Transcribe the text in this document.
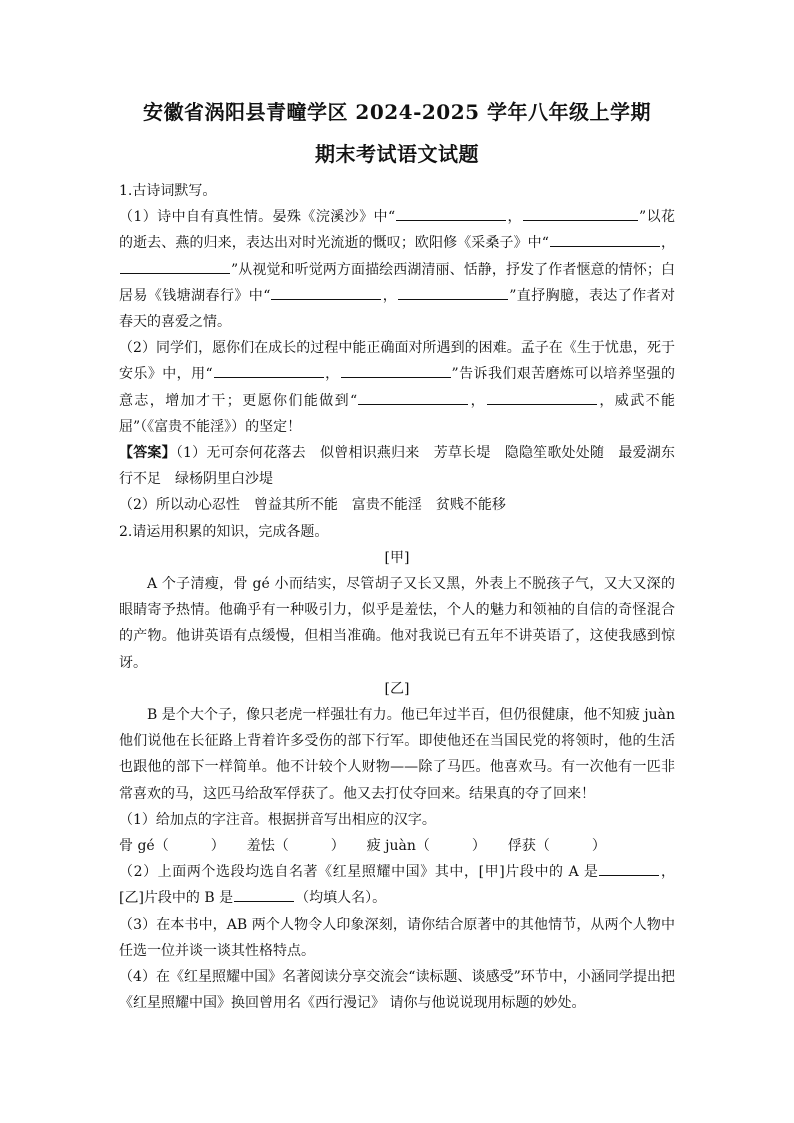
安徽省涡阳县青疃学区 2024-2025 学年八年级上学期
期末考试语文试题

1.古诗词默写。

（1）诗中自有真性情。晏殊《浣溪沙》中“	，	”以花的逝去、燕的归来，表达出对时光流逝的慨叹；欧阳修《采桑子》中“	，”从视觉和听觉两方面描绘西湖清丽、恬静，抒发了作者惬意的情怀；白居易《钱塘湖春行》中“	，	”直抒胸臆，表达了作者对春天的喜爱之情。

（2）同学们，愿你们在成长的过程中能正确面对所遇到的困难。孟子在《生于忧患，死于安乐》中，用“	，	”告诉我们艰苦磨炼可以培养坚强的意志，增加才干；更愿你们能做到“	，	，威武不能屈”（《富贵不能淫》）的坚定！

【答案】（1）无可奈何花落去　似曾相识燕归来　芳草长堤　隐隐笙歌处处随　最爱湖东行不足　绿杨阴里白沙堤

（2）所以动心忍性　曾益其所不能　富贵不能淫　贫贱不能移

2.请运用积累的知识，完成各题。

[甲]

A 个子清瘦，骨 gé 小而结实，尽管胡子又长又黑，外表上不脱孩子气，又大又深的眼睛寄予热情。他确乎有一种吸引力，似乎是羞怯，个人的魅力和领袖的自信的奇怪混合的产物。他讲英语有点缓慢，但相当准确。他对我说已有五年不讲英语了，这使我感到惊讶。

[乙]

B 是个大个子，像只老虎一样强壮有力。他已年过半百，但仍很健康，他不知疲 juàn 他们说他在长征路上背着许多受伤的部下行军。即使他还在当国民党的将领时，他的生活也跟他的部下一样简单。他不计较个人财物——除了马匹。他喜欢马。有一次他有一匹非常喜欢的马，这匹马给敌军俘获了。他又去打仗夺回来。结果真的夺了回来！

（1）给加点的字注音。根据拼音写出相应的汉字。

骨 gé（　　　） 羞怯（　　　） 疲 juàn（　　　） 俘获（　　　）

（2）上面两个选段均选自名著《红星照耀中国》其中，[甲]片段中的 A 是	，[乙]片段中的 B 是	（均填人名）。

（3）在本书中，AB 两个人物令人印象深刻，请你结合原著中的其他情节，从两个人物中任选一位并谈一谈其性格特点。

（4）在《红星照耀中国》名著阅读分享交流会“读标题、谈感受”环节中，小涵同学提出把《红星照耀中国》换回曾用名《西行漫记》 请你与他说说现用标题的妙处。
